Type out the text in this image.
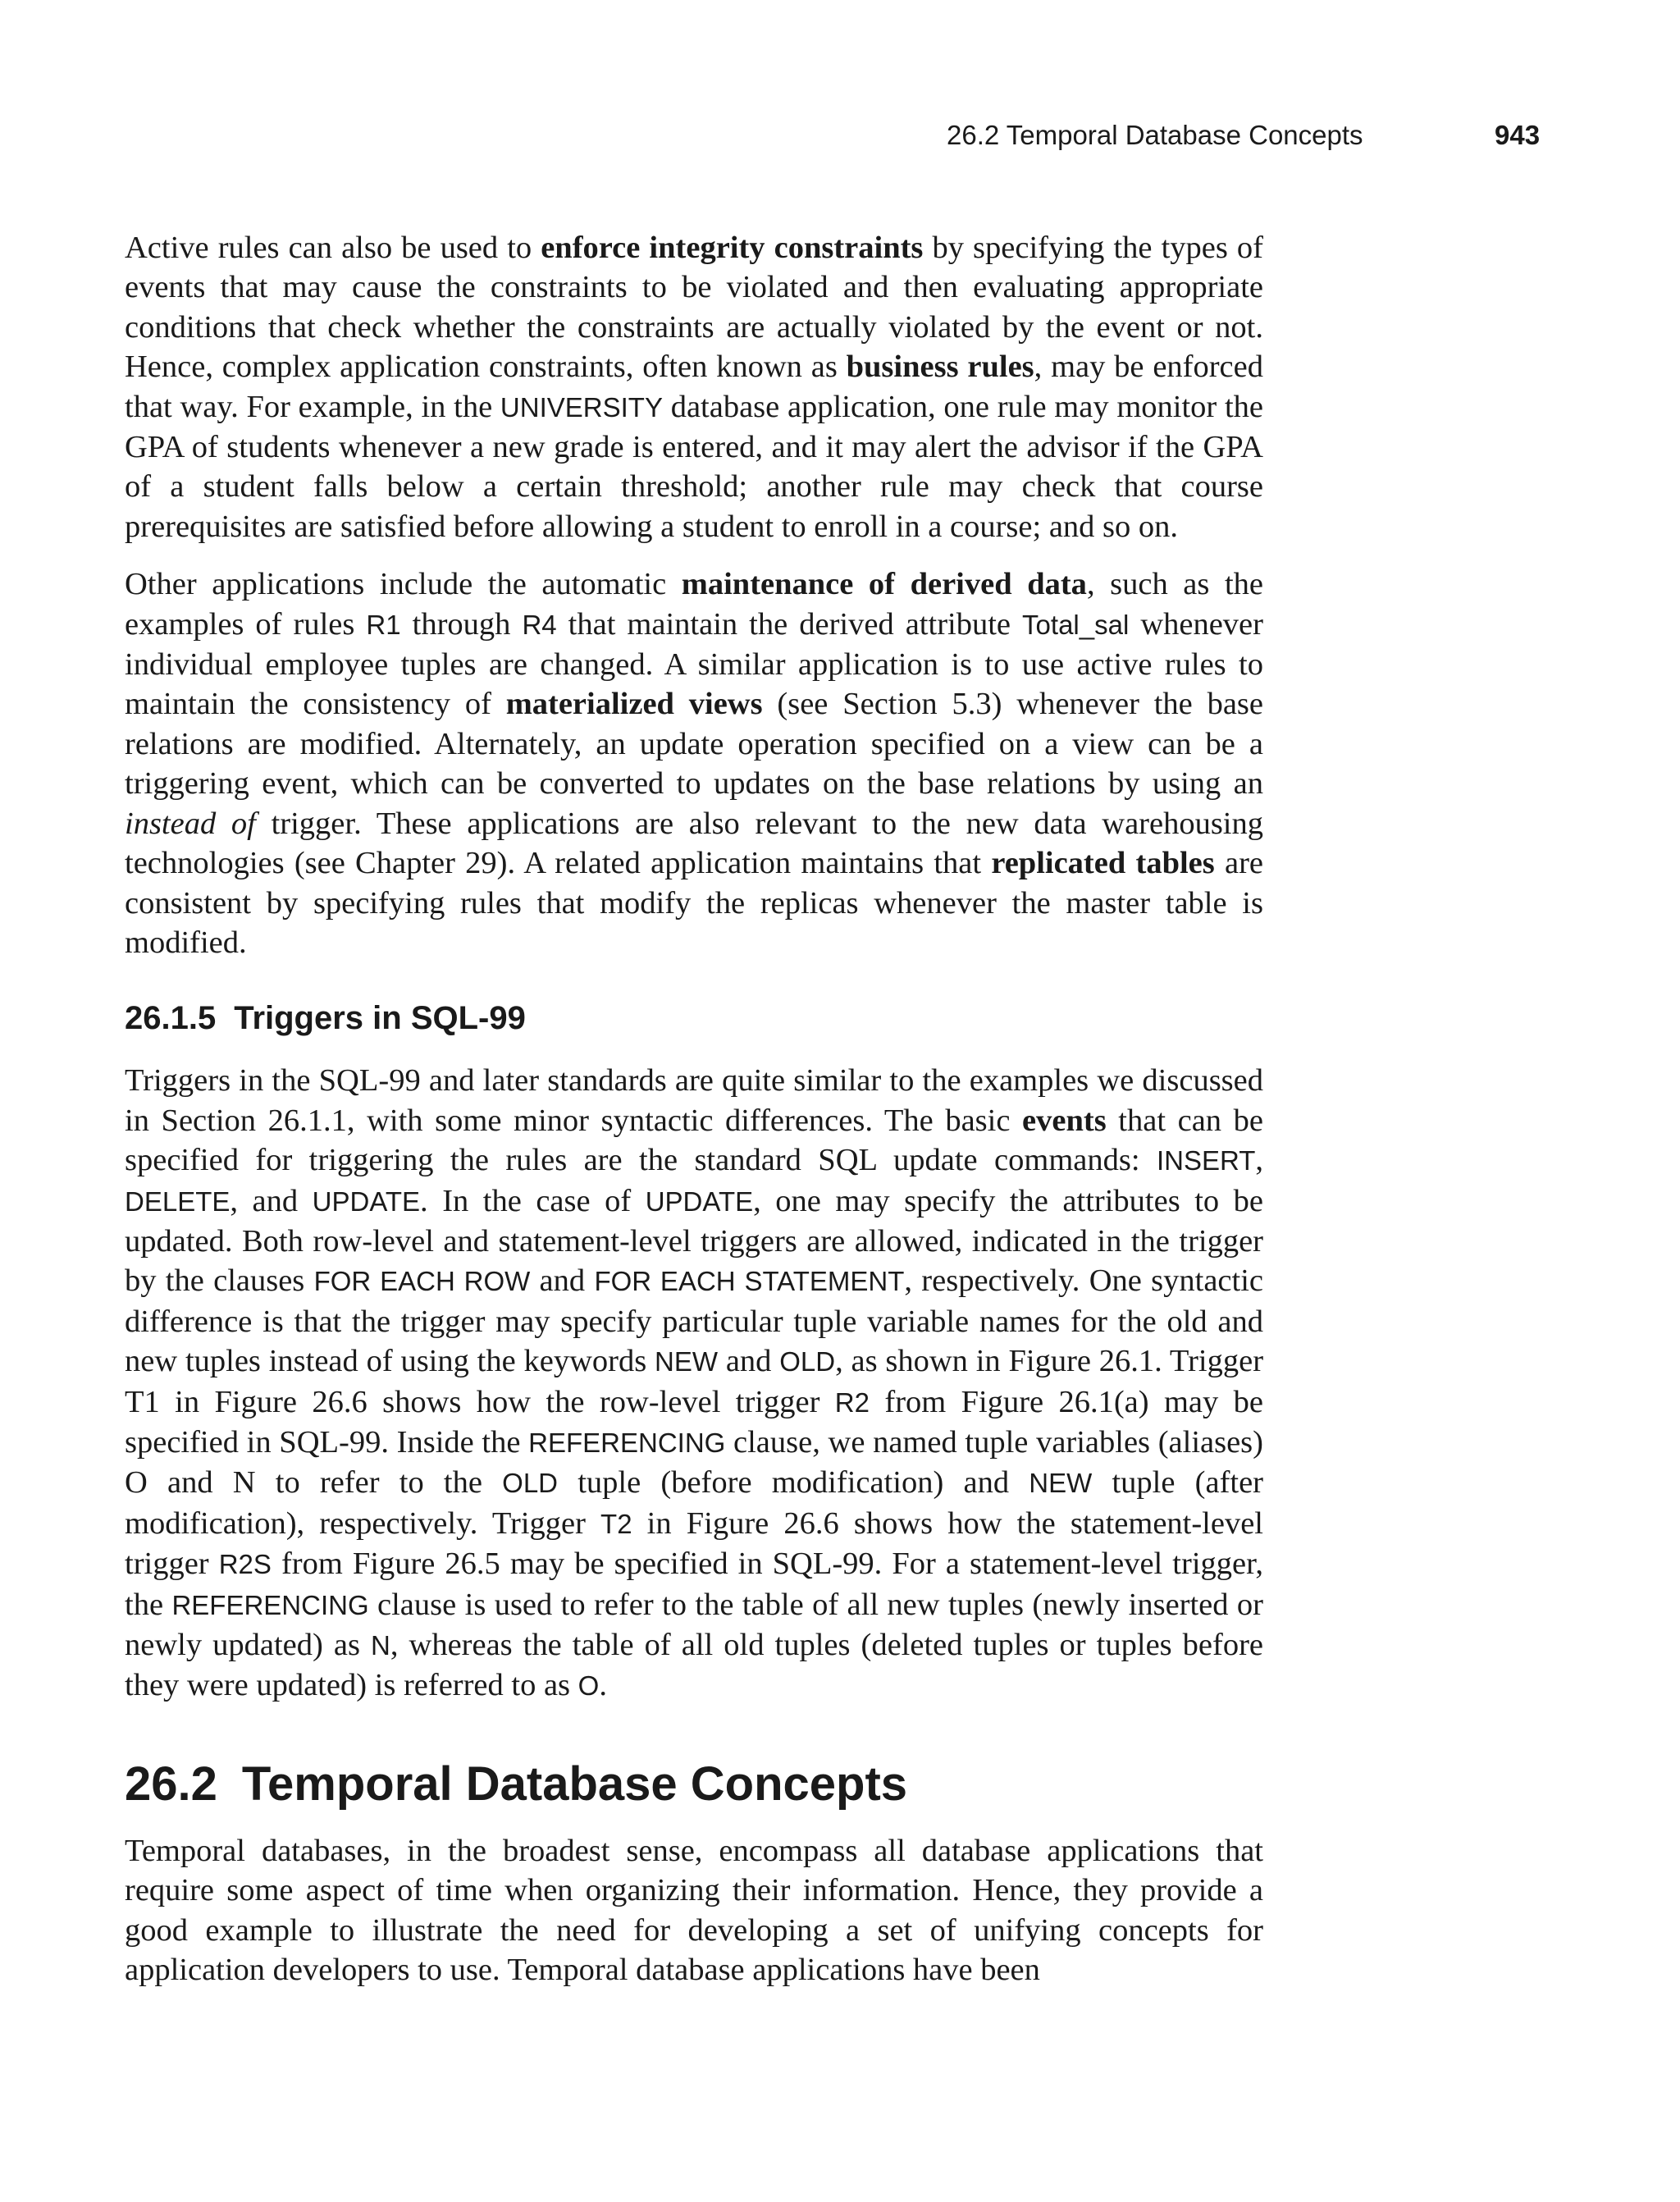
26.2 Temporal Database Concepts	943

Active rules can also be used to enforce integrity constraints by specifying the types of events that may cause the constraints to be violated and then evaluating appropriate conditions that check whether the constraints are actually violated by the event or not. Hence, complex application constraints, often known as business rules, may be enforced that way. For example, in the UNIVERSITY database application, one rule may monitor the GPA of students whenever a new grade is entered, and it may alert the advisor if the GPA of a student falls below a certain threshold; another rule may check that course prerequisites are satisfied before allowing a student to enroll in a course; and so on.

Other applications include the automatic maintenance of derived data, such as the examples of rules R1 through R4 that maintain the derived attribute Total_sal whenever individual employee tuples are changed. A similar application is to use active rules to maintain the consistency of materialized views (see Section 5.3) whenever the base relations are modified. Alternately, an update operation specified on a view can be a triggering event, which can be converted to updates on the base relations by using an instead of trigger. These applications are also relevant to the new data warehousing technologies (see Chapter 29). A related application maintains that replicated tables are consistent by specifying rules that modify the replicas whenever the master table is modified.

26.1.5 Triggers in SQL-99

Triggers in the SQL-99 and later standards are quite similar to the examples we discussed in Section 26.1.1, with some minor syntactic differences. The basic events that can be specified for triggering the rules are the standard SQL update commands: INSERT, DELETE, and UPDATE. In the case of UPDATE, one may specify the attributes to be updated. Both row-level and statement-level triggers are allowed, indicated in the trigger by the clauses FOR EACH ROW and FOR EACH STATEMENT, respectively. One syntactic difference is that the trigger may specify particular tuple variable names for the old and new tuples instead of using the keywords NEW and OLD, as shown in Figure 26.1. Trigger T1 in Figure 26.6 shows how the row-level trigger R2 from Figure 26.1(a) may be specified in SQL-99. Inside the REFERENCING clause, we named tuple variables (aliases) O and N to refer to the OLD tuple (before modification) and NEW tuple (after modification), respectively. Trigger T2 in Figure 26.6 shows how the statement-level trigger R2S from Figure 26.5 may be specified in SQL-99. For a statement-level trigger, the REFERENCING clause is used to refer to the table of all new tuples (newly inserted or newly updated) as N, whereas the table of all old tuples (deleted tuples or tuples before they were updated) is referred to as O.

26.2 Temporal Database Concepts

Temporal databases, in the broadest sense, encompass all database applications that require some aspect of time when organizing their information. Hence, they provide a good example to illustrate the need for developing a set of unifying concepts for application developers to use. Temporal database applications have been
